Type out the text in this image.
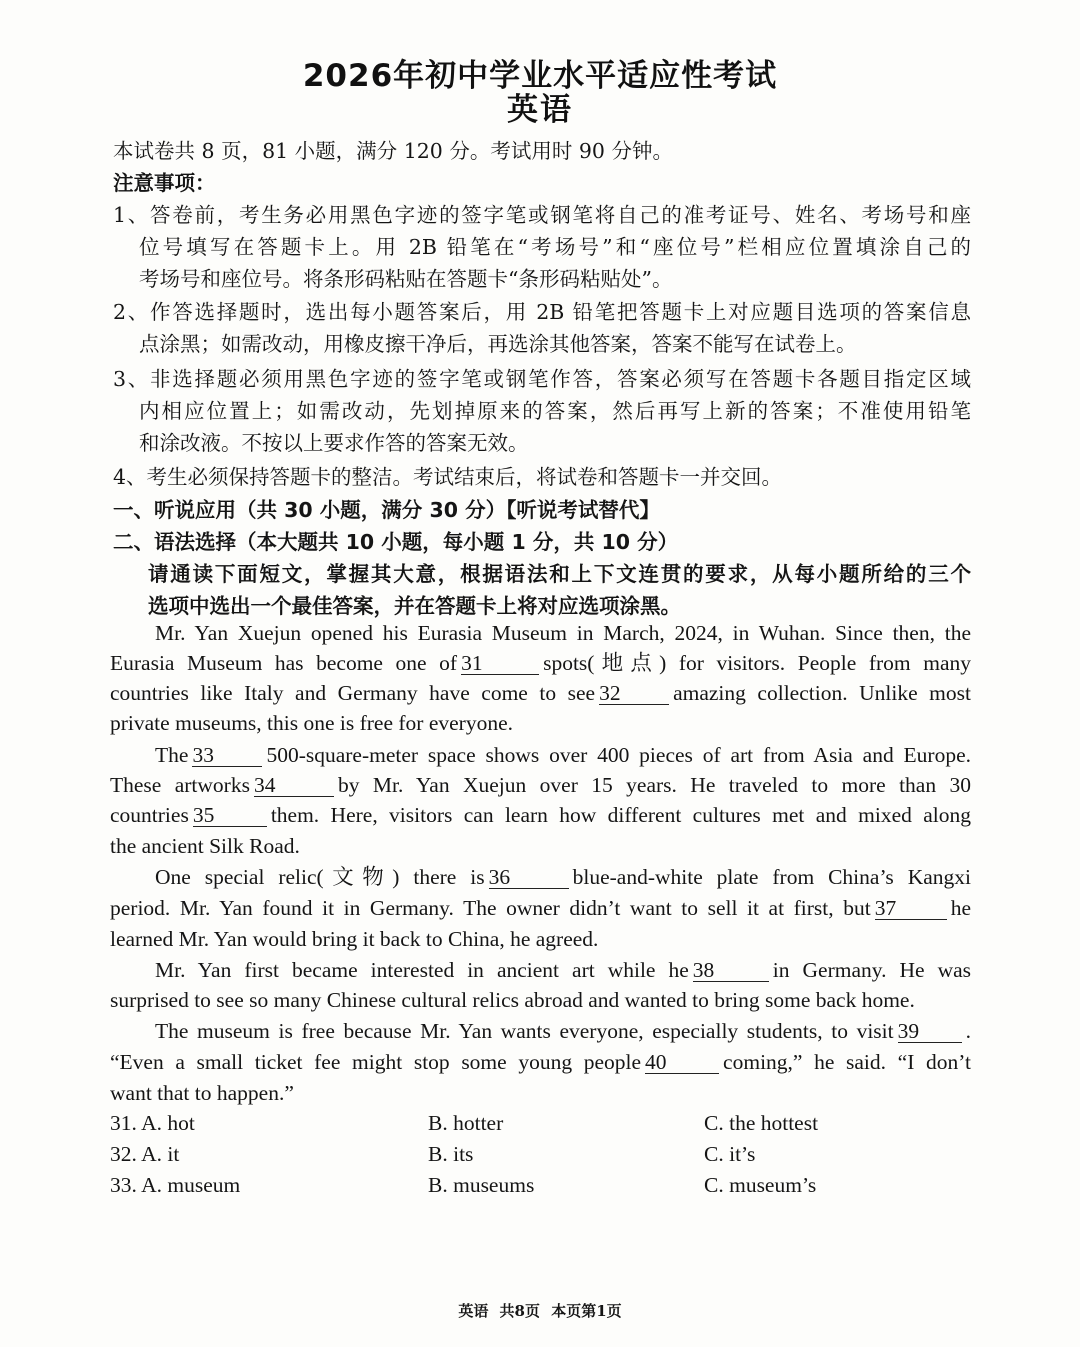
2026年初中学业水平适应性考试
英语
本试卷共 8 页，81 小题，满分 120 分。考试用时 90 分钟。
注意事项：
1、答卷前，考生务必用黑色字迹的签字笔或钢笔将自己的准考证号、姓名、考场号和座
位号填写在答题卡上。用 2B 铅笔在“考场号”和“座位号”栏相应位置填涂自己的
考场号和座位号。将条形码粘贴在答题卡“条形码粘贴处”。
2、作答选择题时，选出每小题答案后，用 2B 铅笔把答题卡上对应题目选项的答案信息
点涂黑；如需改动，用橡皮擦干净后，再选涂其他答案，答案不能写在试卷上。
3、非选择题必须用黑色字迹的签字笔或钢笔作答，答案必须写在答题卡各题目指定区域
内相应位置上；如需改动，先划掉原来的答案，然后再写上新的答案；不准使用铅笔
和涂改液。不按以上要求作答的答案无效。
4、考生必须保持答题卡的整洁。考试结束后，将试卷和答题卡一并交回。
一、听说应用（共 30 小题，满分 30 分）【听说考试替代】
二、语法选择（本大题共 10 小题，每小题 1 分，共 10 分）
请通读下面短文，掌握其大意，根据语法和上下文连贯的要求，从每小题所给的三个
选项中选出一个最佳答案，并在答题卡上将对应选项涂黑。
Mr. Yan Xuejun opened his Eurasia Museum in March, 2024, in Wuhan. Since then, the
Eurasia Museum has become one of 31	spots(地点) for visitors. People from many
countries like Italy and Germany have come to see 32 amazing collection. Unlike most
private museums, this one is free for everyone.
The 33 500-square-meter space shows over 400 pieces of art from Asia and Europe.
These artworks 34	by Mr. Yan Xuejun over 15 years. He traveled to more than 30
countries 35	them. Here, visitors can learn how different cultures met and mixed along
the ancient Silk Road.
One special relic(文物) there is 36	blue-and-white plate from China’s Kangxi
period. Mr. Yan found it in Germany. The owner didn’t want to sell it at first, but 37	he
learned Mr. Yan would bring it back to China, he agreed.
Mr. Yan first became interested in ancient art while he 38	in Germany. He was
surprised to see so many Chinese cultural relics abroad and wanted to bring some back home.
The museum is free because Mr. Yan wants everyone, especially students, to visit 39 .
“Even a small ticket fee might stop some young people 40	coming,” he said. “I don’t
want that to happen.”
31. A. hot	B. hotter	C. the hottest
32. A. it	B. its	C. it’s
33. A. museum	B. museums	C. museum’s
英语 共8页 本页第1页
